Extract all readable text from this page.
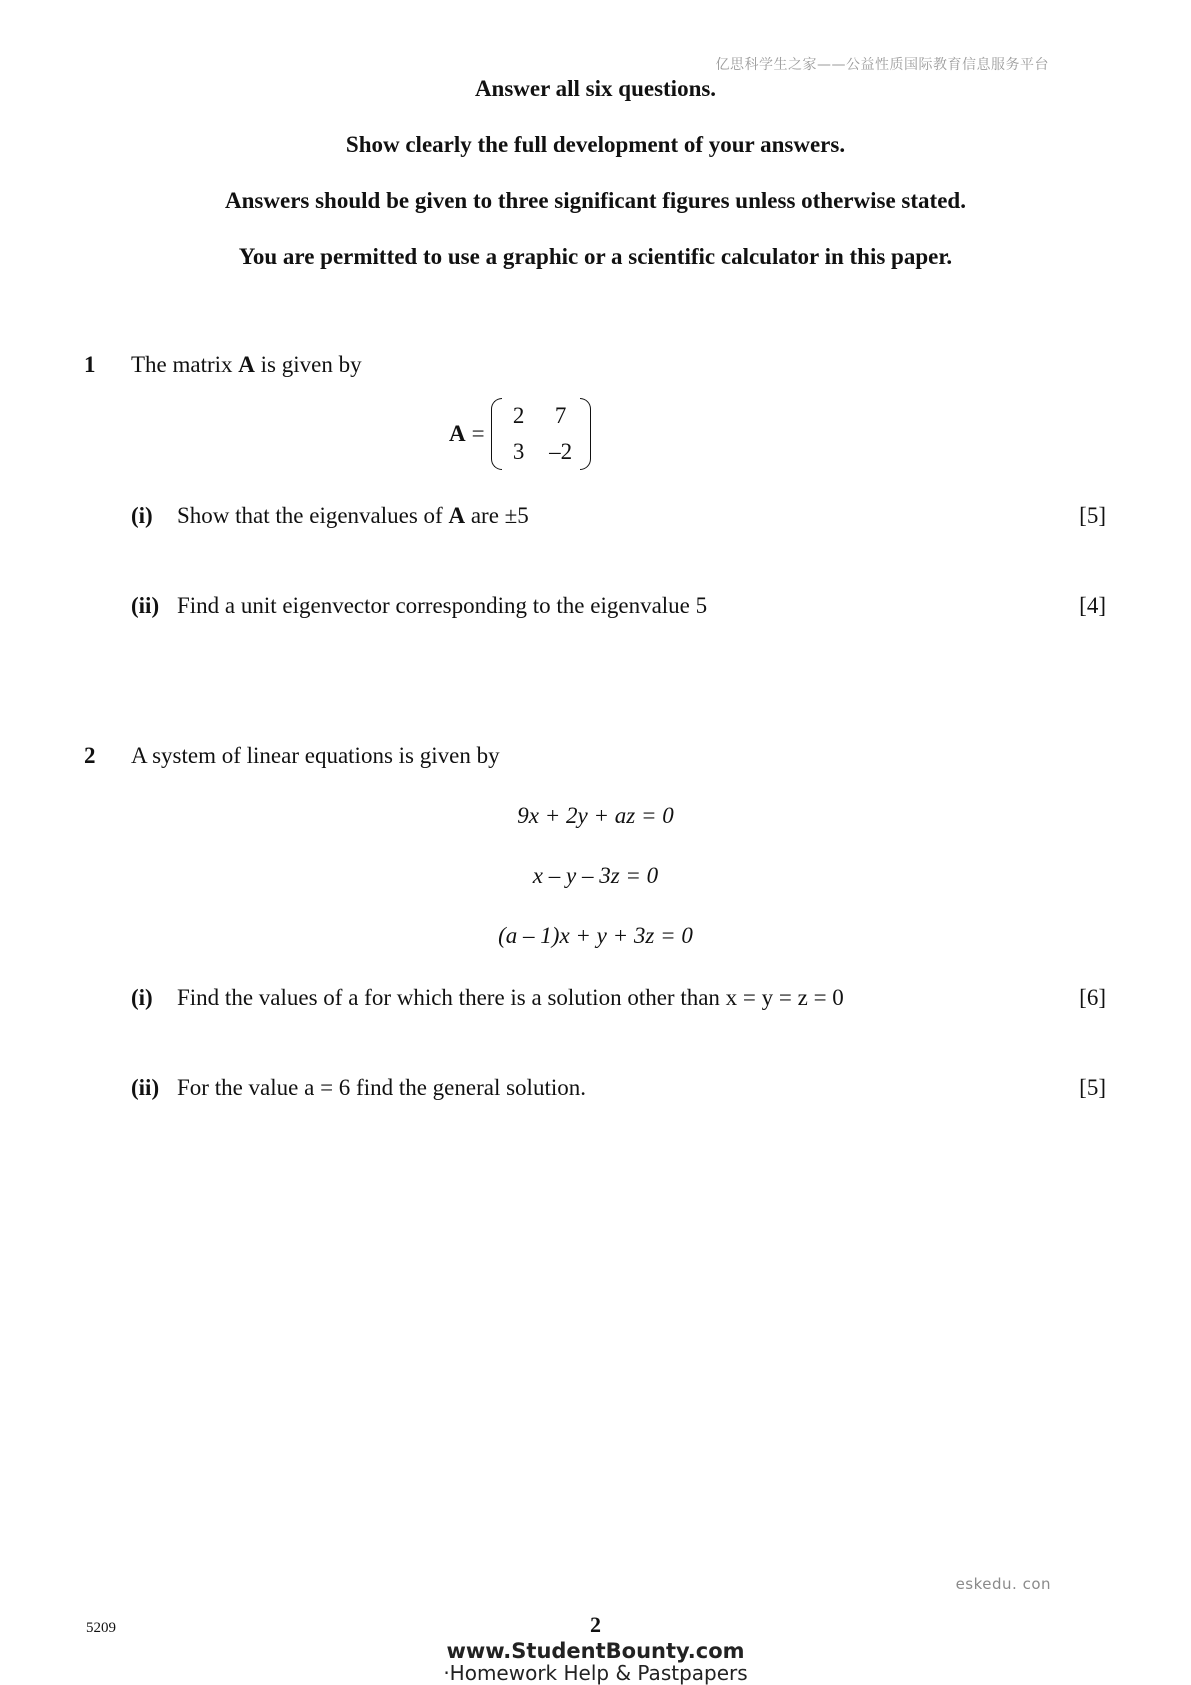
亿思科学生之家——公益性质国际教育信息服务平台
Answer all six questions.
Show clearly the full development of your answers.
Answers should be given to three significant figures unless otherwise stated.
You are permitted to use a graphic or a scientific calculator in this paper.
1 The matrix A is given by
A =
2 7
3 –2
(i) Show that the eigenvalues of A are ±5	[5]
(ii) Find a unit eigenvector corresponding to the eigenvalue 5	[4]
2 A system of linear equations is given by
9x + 2y + az = 0
x – y – 3z = 0
(a – 1)x + y + 3z = 0
(i) Find the values of a for which there is a solution other than x = y = z = 0	[6]
(ii) For the value a = 6 find the general solution.	[5]
eskedu. con
5209	2
www.StudentBounty.com
·Homework Help & Pastpapers
